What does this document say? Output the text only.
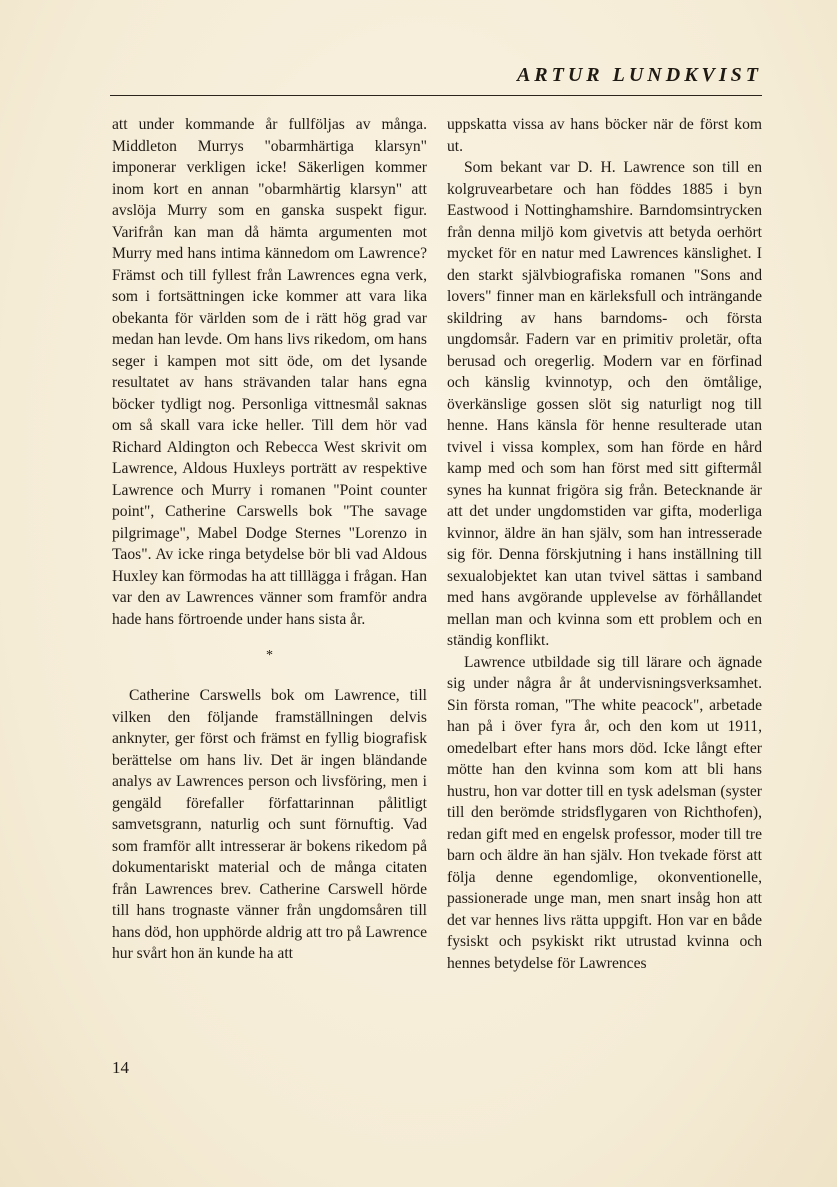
ARTUR LUNDKVIST

att under kommande år fullföljas av många. Middleton Murrys "obarmhärtiga klarsyn" imponerar verkligen icke! Säkerligen kommer inom kort en annan "obarmhärtig klarsyn" att avslöja Murry som en ganska suspekt figur. Varifrån kan man då hämta argumenten mot Murry med hans intima kännedom om Lawrence? Främst och till fyllest från Lawrences egna verk, som i fortsättningen icke kommer att vara lika obekanta för världen som de i rätt hög grad var medan han levde. Om hans livs rikedom, om hans seger i kampen mot sitt öde, om det lysande resultatet av hans strävanden talar hans egna böcker tydligt nog. Personliga vittnesmål saknas om så skall vara icke heller. Till dem hör vad Richard Aldington och Rebecca West skrivit om Lawrence, Aldous Huxleys porträtt av respektive Lawrence och Murry i romanen "Point counter point", Catherine Carswells bok "The savage pilgrimage", Mabel Dodge Sternes "Lorenzo in Taos". Av icke ringa betydelse bör bli vad Aldous Huxley kan förmodas ha att tilllägga i frågan. Han var den av Lawrences vänner som framför andra hade hans förtroende under hans sista år.

*

Catherine Carswells bok om Lawrence, till vilken den följande framställningen delvis anknyter, ger först och främst en fyllig biografisk berättelse om hans liv. Det är ingen bländande analys av Lawrences person och livsföring, men i gengäld förefaller författarinnan pålitligt samvetsgrann, naturlig och sunt förnuftig. Vad som framför allt intresserar är bokens rikedom på dokumentariskt material och de många citaten från Lawrences brev. Catherine Carswell hörde till hans trognaste vänner från ungdomsåren till hans död, hon upphörde aldrig att tro på Lawrence hur svårt hon än kunde ha att

uppskatta vissa av hans böcker när de först kom ut.

Som bekant var D. H. Lawrence son till en kolgruvearbetare och han föddes 1885 i byn Eastwood i Nottinghamshire. Barndomsintrycken från denna miljö kom givetvis att betyda oerhört mycket för en natur med Lawrences känslighet. I den starkt självbiografiska romanen "Sons and lovers" finner man en kärleksfull och inträngande skildring av hans barndoms- och första ungdomsår. Fadern var en primitiv proletär, ofta berusad och oregerlig. Modern var en förfinad och känslig kvinnotyp, och den ömtålige, överkänslige gossen slöt sig naturligt nog till henne. Hans känsla för henne resulterade utan tvivel i vissa komplex, som han förde en hård kamp med och som han först med sitt giftermål synes ha kunnat frigöra sig från. Betecknande är att det under ungdomstiden var gifta, moderliga kvinnor, äldre än han själv, som han intresserade sig för. Denna förskjutning i hans inställning till sexualobjektet kan utan tvivel sättas i samband med hans avgörande upplevelse av förhållandet mellan man och kvinna som ett problem och en ständig konflikt.

Lawrence utbildade sig till lärare och ägnade sig under några år åt undervisningsverksamhet. Sin första roman, "The white peacock", arbetade han på i över fyra år, och den kom ut 1911, omedelbart efter hans mors död. Icke långt efter mötte han den kvinna som kom att bli hans hustru, hon var dotter till en tysk adelsman (syster till den berömde stridsflygaren von Richthofen), redan gift med en engelsk professor, moder till tre barn och äldre än han själv. Hon tvekade först att följa denne egendomlige, okonventionelle, passionerade unge man, men snart insåg hon att det var hennes livs rätta uppgift. Hon var en både fysiskt och psykiskt rikt utrustad kvinna och hennes betydelse för Lawrences

14
